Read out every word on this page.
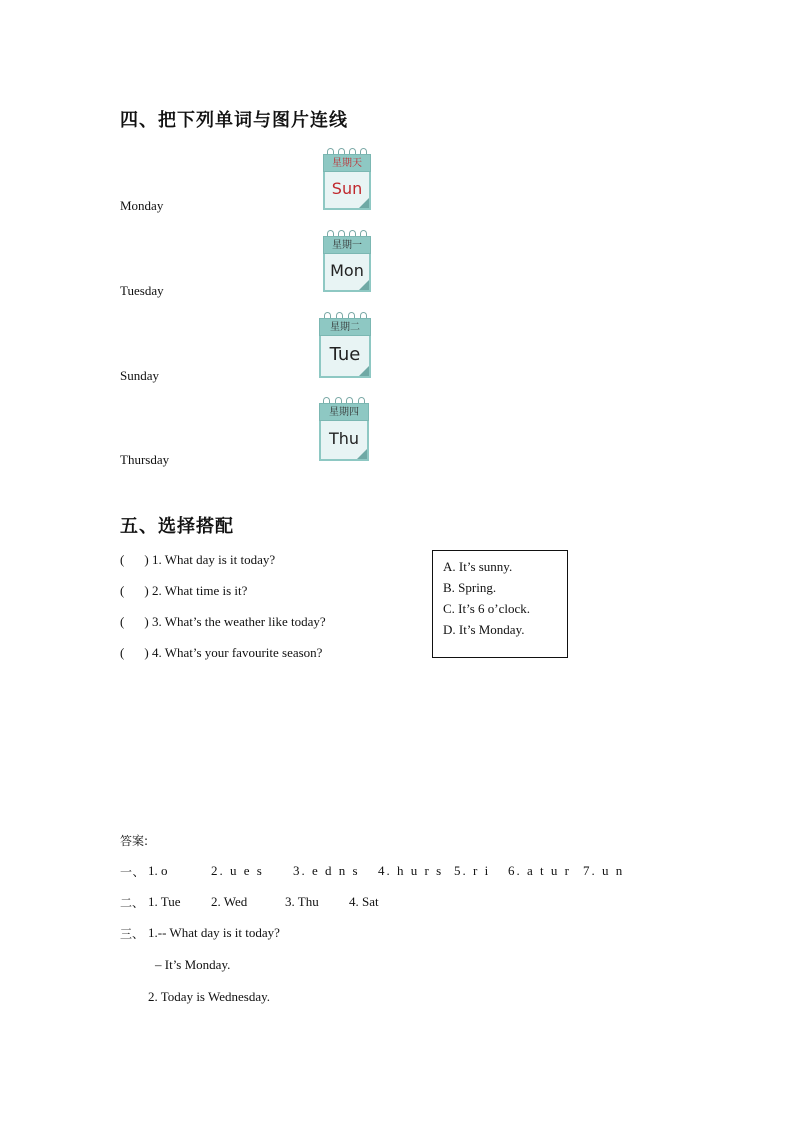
四、把下列单词与图片连线
Monday
Tuesday
Sunday
Thursday
星期天
Sun
星期一
Mon
星期二
Tue
星期四
Thu
五、选择搭配
( ) 1. What day is it today?
( ) 2. What time is it?
( ) 3. What’s the weather like today?
( ) 4. What’s your favourite season?
A. It’s sunny.
B. Spring.
C. It’s 6 o’clock.
D. It’s Monday.
答案:
一、 1. o	2. u e s 3. e d n s 4. h u r s 5. r i 6. a t u r 7. u n
二、 1. Tue 2. Wed	3. Thu 4. Sat
三、 1.-- What day is it today?
– It’s Monday.
2. Today is Wednesday.
